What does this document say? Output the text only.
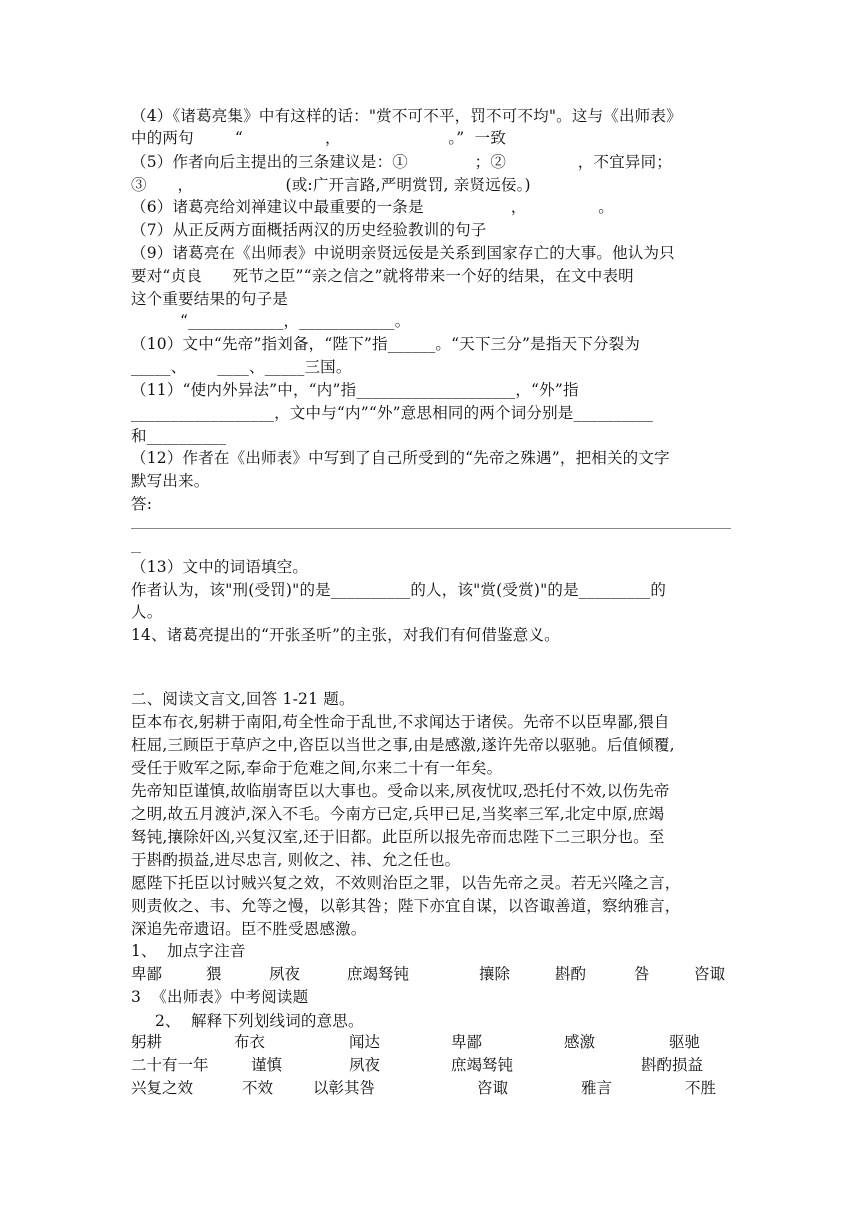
（4）《诸葛亮集》中有这样的话："赏不可不平，罚不可不均"。这与《出师表》
中的两句        “                ，                     。”  一致
（5）作者向后主提出的三条建议是：①             ；②              ，不宜异同；
③      ，                  (或:广开言路,严明赏罚, 亲贤远佞。)
（6）诸葛亮给刘禅建议中最重要的一条是                 ，              。
（7）从正反两方面概括两汉的历史经验教训的句子
（9）诸葛亮在《出师表》中说明亲贤远佞是关系到国家存亡的大事。他认为只
要对“贞良      死节之臣”“亲之信之”就将带来一个好的结果，在文中表明
这个重要结果的句子是
“____________，____________。
（10）文中“先帝”指刘备，“陛下”指______。“天下三分”是指天下分裂为
_____、      ____、_____三国。
（11）“使内外异法”中，“内”指____________________，“外”指
__________________，文中与“内”“外”意思相同的两个词分别是__________
和__________
（12）作者在《出师表》中写到了自己所受到的“先帝之殊遇”，把相关的文字
默写出来。
答:
（13）文中的词语填空。
作者认为，该"刑(受罚)"的是__________的人，该"赏(受赏)"的是_________的
人。
14、诸葛亮提出的“开张圣听”的主张，对我们有何借鉴意义。
二、阅读文言文,回答 1-21 题。
臣本布衣,躬耕于南阳,苟全性命于乱世,不求闻达于诸侯。先帝不以臣卑鄙,猥自
枉屈,三顾臣于草庐之中,咨臣以当世之事,由是感激,遂许先帝以驱驰。后值倾覆,
受任于败军之际,奉命于危难之间,尔来二十有一年矣。
先帝知臣谨慎,故临崩寄臣以大事也。受命以来,夙夜忧叹,恐托付不效,以伤先帝
之明,故五月渡泸,深入不毛。今南方已定,兵甲已足,当奖率三军,北定中原,庶竭
驽钝,攘除奸凶,兴复汉室,还于旧都。此臣所以报先帝而忠陛下二三职分也。至
于斟酌损益,进尽忠言, 则攸之、祎、允之任也。
愿陛下托臣以讨贼兴复之效，不效则治臣之罪，以告先帝之灵。若无兴隆之言，
则责攸之、韦、允等之慢，以彰其咎；陛下亦宜自谋，以咨诹善道，察纳雅言，
深追先帝遗诏。臣不胜受恩感激。
1、  加点字注音
卑鄙	猥	夙夜	庶竭驽钝	攘除	斟酌	咎	咨诹
3  《出师表》中考阅读题
2、  解释下列划线词的意思。
躬耕	布衣	闻达	卑鄙	感激	驱驰
二十有一年	谨慎	夙夜	庶竭驽钝	斟酌损益
兴复之效	不效	以彰其咎	咨诹	雅言	不胜
